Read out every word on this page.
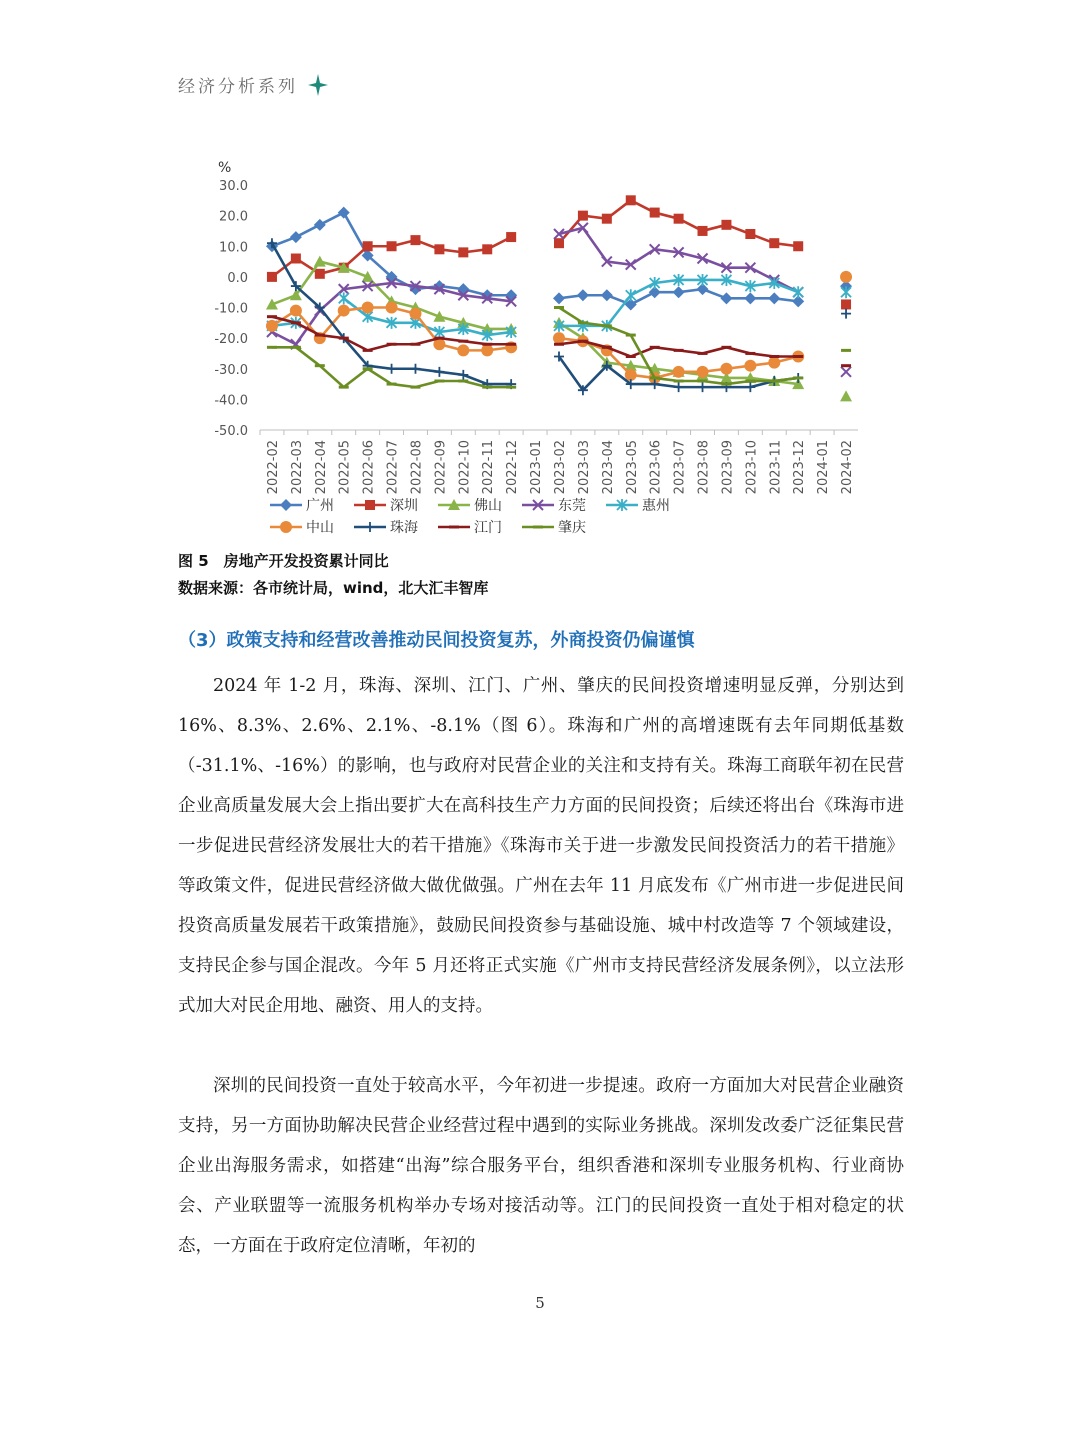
经济分析系列
%
30.0
20.0
10.0
0.0
-10.0
-20.0
-30.0
-40.0
-50.0
2022-02 2022-03 2022-04 2022-05 2022-06 2022-07 2022-08 2022-09 2022-10 2022-11 2022-12 2023-01 2023-02 2023-03 2023-04 2023-05 2023-06 2023-07 2023-08 2023-09 2023-10 2023-11 2023-12 2024-01 2024-02
广州	深圳	佛山	东莞	惠州
中山	珠海	江门	肇庆
图 5　房地产开发投资累计同比
数据来源：各市统计局，wind，北大汇丰智库
（3）政策支持和经营改善推动民间投资复苏，外商投资仍偏谨慎

2024 年 1-2 月，珠海、深圳、江门、广州、肇庆的民间投资增速明显反弹，分别达到 16%、8.3%、2.6%、2.1%、-8.1%（图 6）。珠海和广州的高增速既有去年同期低基数（-31.1%、-16%）的影响，也与政府对民营企业的关注和支持有关。珠海工商联年初在民营企业高质量发展大会上指出要扩大在高科技生产力方面的民间投资；后续还将出台《珠海市进一步促进民营经济发展壮大的若干措施》《珠海市关于进一步激发民间投资活力的若干措施》等政策文件，促进民营经济做大做优做强。广州在去年 11 月底发布《广州市进一步促进民间投资高质量发展若干政策措施》，鼓励民间投资参与基础设施、城中村改造等 7 个领域建设，支持民企参与国企混改。今年 5 月还将正式实施《广州市支持民营经济发展条例》，以立法形式加大对民企用地、融资、用人的支持。

深圳的民间投资一直处于较高水平，今年初进一步提速。政府一方面加大对民营企业融资支持，另一方面协助解决民营企业经营过程中遇到的实际业务挑战。深圳发改委广泛征集民营企业出海服务需求，如搭建“出海”综合服务平台，组织香港和深圳专业服务机构、行业商协会、产业联盟等一流服务机构举办专场对接活动等。江门的民间投资一直处于相对稳定的状态，一方面在于政府定位清晰，年初的

5
